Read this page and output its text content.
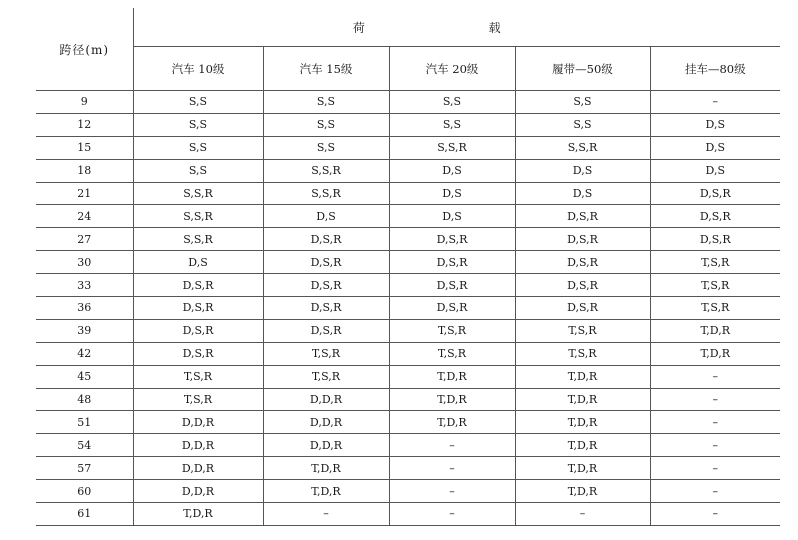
跨径(m)	荷 载				
	汽车 10级	汽车 15级	汽车 20级	履带—50级	挂车—80级
9	S,S	S,S	S,S	S,S	–
12	S,S	S,S	S,S	S,S	D,S
15	S,S	S,S	S,S,R	S,S,R	D,S
18	S,S	S,S,R	D,S	D,S	D,S
21	S,S,R	S,S,R	D,S	D,S	D,S,R
24	S,S,R	D,S	D,S	D,S,R	D,S,R
27	S,S,R	D,S,R	D,S,R	D,S,R	D,S,R
30	D,S	D,S,R	D,S,R	D,S,R	T,S,R
33	D,S,R	D,S,R	D,S,R	D,S,R	T,S,R
36	D,S,R	D,S,R	D,S,R	D,S,R	T,S,R
39	D,S,R	D,S,R	T,S,R	T,S,R	T,D,R
42	D,S,R	T,S,R	T,S,R	T,S,R	T,D,R
45	T,S,R	T,S,R	T,D,R	T,D,R	–
48	T,S,R	D,D,R	T,D,R	T,D,R	–
51	D,D,R	D,D,R	T,D,R	T,D,R	–
54	D,D,R	D,D,R	–	T,D,R	–
57	D,D,R	T,D,R	–	T,D,R	–
60	D,D,R	T,D,R	–	T,D,R	–
61	T,D,R	–	–	–	–
